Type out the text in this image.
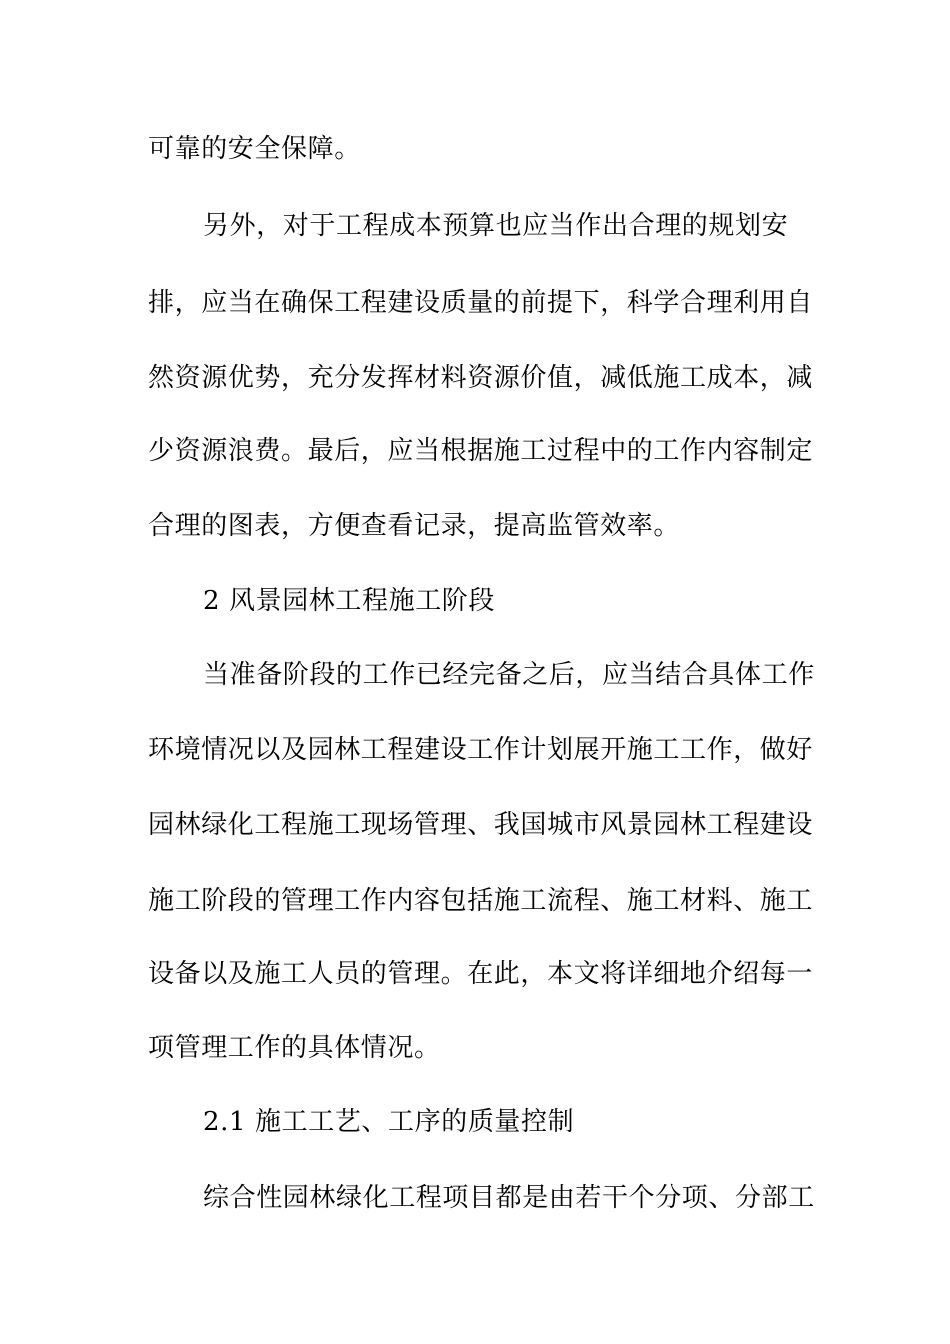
可靠的安全保障。
另外，对于工程成本预算也应当作出合理的规划安
排，应当在确保工程建设质量的前提下，科学合理利用自
然资源优势，充分发挥材料资源价值，减低施工成本，减
少资源浪费。最后，应当根据施工过程中的工作内容制定
合理的图表，方便查看记录，提高监管效率。
2 风景园林工程施工阶段
当准备阶段的工作已经完备之后，应当结合具体工作
环境情况以及园林工程建设工作计划展开施工工作，做好
园林绿化工程施工现场管理、我国城市风景园林工程建设
施工阶段的管理工作内容包括施工流程、施工材料、施工
设备以及施工人员的管理。在此，本文将详细地介绍每一
项管理工作的具体情况。
2.1 施工工艺、工序的质量控制
综合性园林绿化工程项目都是由若干个分项、分部工
